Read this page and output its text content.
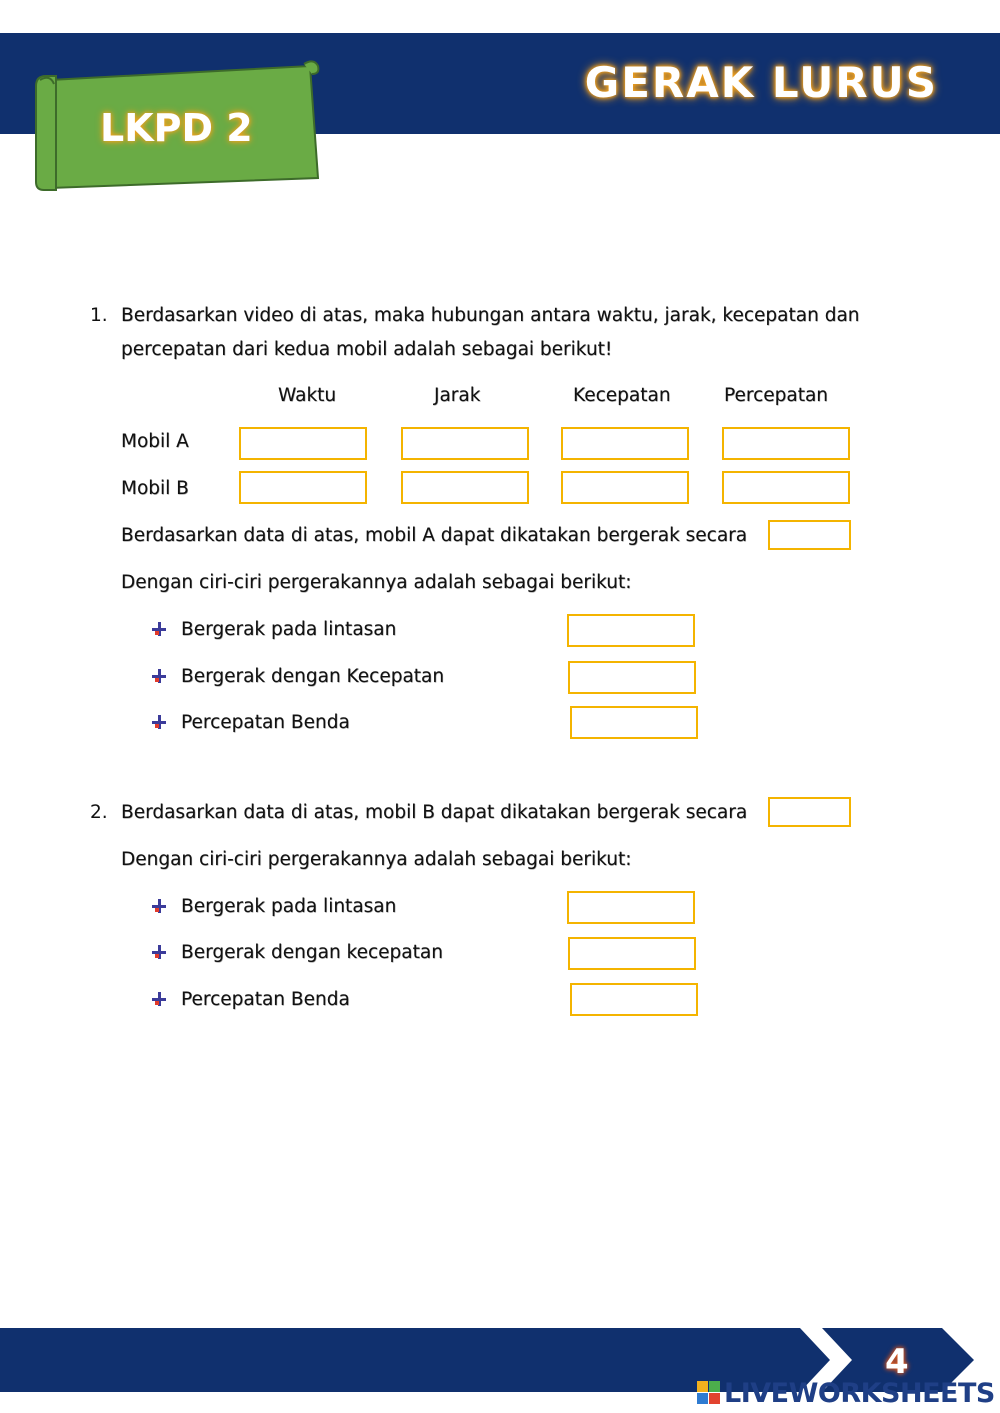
GERAK LURUS
LKPD 2
1. Berdasarkan video di atas, maka hubungan antara waktu, jarak, kecepatan dan
percepatan dari kedua mobil adalah sebagai berikut!
Waktu	Jarak	Kecepatan	Percepatan
Mobil A
Mobil B
Berdasarkan data di atas, mobil A dapat dikatakan bergerak secara
Dengan ciri-ciri pergerakannya adalah sebagai berikut:
Bergerak pada lintasan
Bergerak dengan Kecepatan
Percepatan Benda
2. Berdasarkan data di atas, mobil B dapat dikatakan bergerak secara
Dengan ciri-ciri pergerakannya adalah sebagai berikut:
Bergerak pada lintasan
Bergerak dengan kecepatan
Percepatan Benda
4
LIVEWORKSHEETS
